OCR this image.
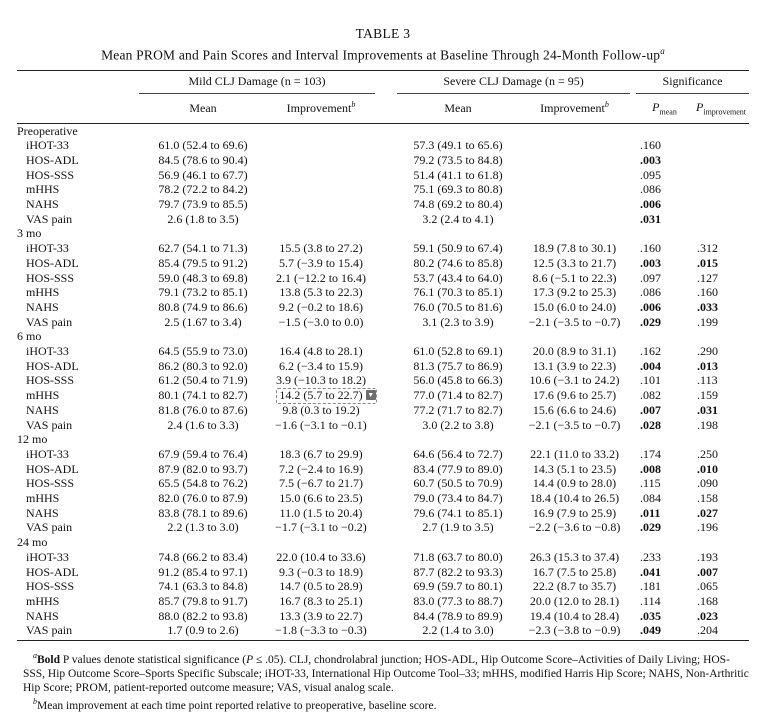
TABLE 3
Mean PROM and Pain Scores and Interval Improvements at Baseline Through 24-Month Follow-$up^a$
	Mild CLJ Damage (n = 103)			Severe CLJ Damage (n = 95)			Significance	
	Mean	Improvement$^b$		Mean	Improvement$^b$		$P_{mean}$	$P_{improvement}$

Preoperative								
iHOT-33	61.0 (52.4 to 69.6)			57.3 (49.1 to 65.6)			.160	
HOS-ADL	84.5 (78.6 to 90.4)			79.2 (73.5 to 84.8)			.003	
HOS-SSS	56.9 (46.1 to 67.7)			51.4 (41.1 to 61.8)			.095	
mHHS	78.2 (72.2 to 84.2)			75.1 (69.3 to 80.8)			.086	
NAHS	79.7 (73.9 to 85.5)			74.8 (69.2 to 80.4)			.006	
VAS pain	2.6 (1.8 to 3.5)			3.2 (2.4 to 4.1)			.031	
3 mo								
iHOT-33	62.7 (54.1 to 71.3)	15.5 (3.8 to 27.2)		59.1 (50.9 to 67.4)	18.9 (7.8 to 30.1)		.160	.312
HOS-ADL	85.4 (79.5 to 91.2)	5.7 (−3.9 to 15.4)		80.2 (74.6 to 85.8)	12.5 (3.3 to 21.7)		.003	.015
HOS-SSS	59.0 (48.3 to 69.8)	2.1 (−12.2 to 16.4)		53.7 (43.4 to 64.0)	8.6 (−5.1 to 22.3)		.097	.127
mHHS	79.1 (73.2 to 85.1)	13.8 (5.3 to 22.3)		76.1 (70.3 to 85.1)	17.3 (9.2 to 25.3)		.086	.160
NAHS	80.8 (74.9 to 86.6)	9.2 (−0.2 to 18.6)		76.0 (70.5 to 81.6)	15.0 (6.0 to 24.0)		.006	.033
VAS pain	2.5 (1.67 to 3.4)	−1.5 (−3.0 to 0.0)		3.1 (2.3 to 3.9)	−2.1 (−3.5 to −0.7)		.029	.199
6 mo								
iHOT-33	64.5 (55.9 to 73.0)	16.4 (4.8 to 28.1)		61.0 (52.8 to 69.1)	20.0 (8.9 to 31.1)		.162	.290
HOS-ADL	86.2 (80.3 to 92.0)	6.2 (−3.4 to 15.9)		81.3 (75.7 to 86.9)	13.1 (3.9 to 22.3)		.004	.013
HOS-SSS	61.2 (50.4 to 71.9)	3.9 (−10.3 to 18.2)		56.0 (45.8 to 66.3)	10.6 (−3.1 to 24.2)		.101	.113
mHHS	80.1 (74.1 to 82.7)	14.2 (5.7 to 22.7) ▼		77.0 (71.4 to 82.7)	17.6 (9.6 to 25.7)		.082	.159
NAHS	81.8 (76.0 to 87.6)	9.8 (0.3 to 19.2)		77.2 (71.7 to 82.7)	15.6 (6.6 to 24.6)		.007	.031
VAS pain	2.4 (1.6 to 3.3)	−1.6 (−3.1 to −0.1)		3.0 (2.2 to 3.8)	−2.1 (−3.5 to −0.7)		.028	.198
12 mo								
iHOT-33	67.9 (59.4 to 76.4)	18.3 (6.7 to 29.9)		64.6 (56.4 to 72.7)	22.1 (11.0 to 33.2)		.174	.250
HOS-ADL	87.9 (82.0 to 93.7)	7.2 (−2.4 to 16.9)		83.4 (77.9 to 89.0)	14.3 (5.1 to 23.5)		.008	.010
HOS-SSS	65.5 (54.8 to 76.2)	7.5 (−6.7 to 21.7)		60.7 (50.5 to 70.9)	14.4 (0.9 to 28.0)		.115	.090
mHHS	82.0 (76.0 to 87.9)	15.0 (6.6 to 23.5)		79.0 (73.4 to 84.7)	18.4 (10.4 to 26.5)		.084	.158
NAHS	83.8 (78.1 to 89.6)	11.0 (1.5 to 20.4)		79.6 (74.1 to 85.1)	16.9 (7.9 to 25.9)		.011	.027
VAS pain	2.2 (1.3 to 3.0)	−1.7 (−3.1 to −0.2)		2.7 (1.9 to 3.5)	−2.2 (−3.6 to −0.8)		.029	.196
24 mo								
iHOT-33	74.8 (66.2 to 83.4)	22.0 (10.4 to 33.6)		71.8 (63.7 to 80.0)	26.3 (15.3 to 37.4)		.233	.193
HOS-ADL	91.2 (85.4 to 97.1)	9.3 (−0.3 to 18.9)		87.7 (82.2 to 93.3)	16.7 (7.5 to 25.8)		.041	.007
HOS-SSS	74.1 (63.3 to 84.8)	14.7 (0.5 to 28.9)		69.9 (59.7 to 80.1)	22.2 (8.7 to 35.7)		.181	.065
mHHS	85.7 (79.8 to 91.7)	16.7 (8.3 to 25.1)		83.0 (77.3 to 88.7)	20.0 (12.0 to 28.1)		.114	.168
NAHS	88.0 (82.2 to 93.8)	13.3 (3.9 to 22.7)		84.4 (78.9 to 89.9)	19.4 (10.4 to 28.4)		.035	.023
VAS pain	1.7 (0.9 to 2.6)	−1.8 (−3.3 to −0.3)		2.2 (1.4 to 3.0)	−2.3 (−3.8 to −0.9)		.049	.204

$^a$Bold P values denote statistical significance (P ≤ .05). CLJ, chondrolabral junction; HOS-ADL, Hip Outcome Score–Activities of Daily Living; HOS-SSS, Hip Outcome Score–Sports Specific Subscale; iHOT-33, International Hip Outcome Tool–33; mHHS, modified Harris Hip Score; NAHS, Non-Arthritic Hip Score; PROM, patient-reported outcome measure; VAS, visual analog scale.

$^b$Mean improvement at each time point reported relative to preoperative, baseline score.
